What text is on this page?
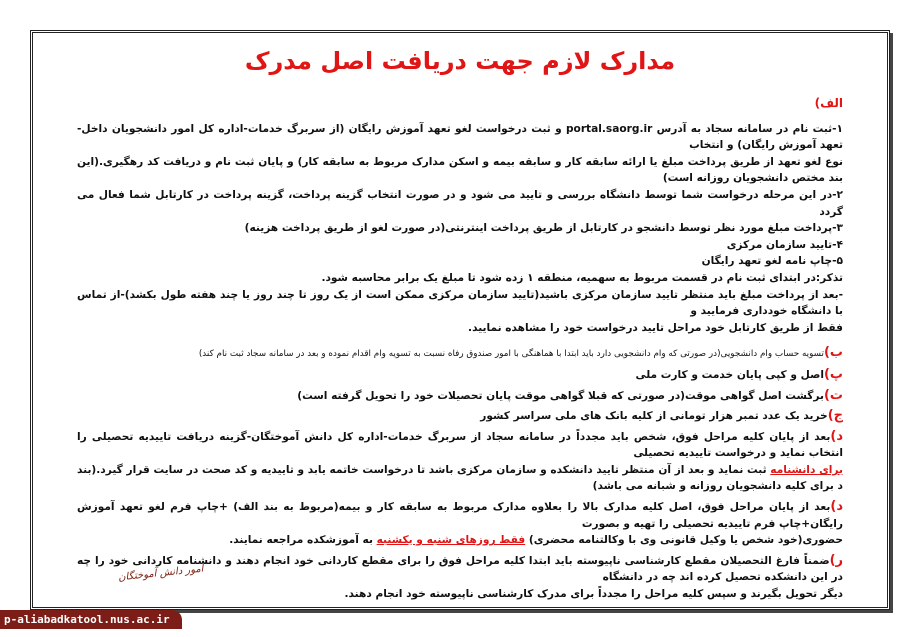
مدارک لازم جهت دریافت اصل مدرک

الف)

۱-ثبت نام در سامانه سجاد به آدرس portal.saorg.ir و ثبت درخواست لغو تعهد آموزش رایگان (از سربرگ خدمات-اداره کل امور دانشجویان داخل-تعهد آموزش رایگان) و انتخاب

نوع لغو تعهد از طریق پرداخت مبلغ یا ارائه سابقه کار و سابقه بیمه و اسکن مدارک مربوط به سابقه کار) و پایان ثبت نام و دریافت کد رهگیری.(این بند مختص دانشجویان روزانه است)

۲-در این مرحله درخواست شما توسط دانشگاه بررسی و تایید می شود و در صورت انتخاب گزینه پرداخت، گزینه پرداخت در کارتابل شما فعال می گردد

۳-پرداخت مبلغ مورد نظر توسط دانشجو در کارتابل از طریق پرداخت اینترنتی(در صورت لغو از طریق پرداخت هزینه)

۴-تایید سازمان مرکزی

۵-چاپ نامه لغو تعهد رایگان

تذکر:در ابتدای ثبت نام در قسمت مربوط به سهمیه، منطقه ۱ زده شود تا مبلغ یک برابر محاسبه شود.

-بعد از پرداخت مبلغ باید منتظر تایید سازمان مرکزی باشید(تایید سازمان مرکزی ممکن است از یک روز تا چند روز یا چند هفته طول بکشد)-از تماس با دانشگاه خودداری فرمایید و

فقط از طریق کارتابل خود مراحل تایید درخواست خود را مشاهده نمایید.

ب)تسویه حساب وام دانشجویی(در صورتی که وام دانشجویی دارد باید ابتدا با هماهنگی با امور صندوق رفاه نسبت به تسویه وام اقدام نموده و بعد در سامانه سجاد ثبت نام کند)

پ)اصل و کپی پایان خدمت و کارت ملی

ت)برگشت اصل گواهی موقت(در صورتی که قبلا گواهی موقت پایان تحصیلات خود را تحویل گرفته است)

ج)خرید یک عدد تمبر هزار تومانی از کلیه بانک های ملی سراسر کشور

د)بعد از پایان کلیه مراحل فوق، شخص باید مجدداً در سامانه سجاد از سربرگ خدمات-اداره کل دانش آموختگان-گزینه دریافت تاییدیه تحصیلی را انتخاب نماید و درخواست تاییدیه تحصیلی

برای دانشنامه ثبت نماید و بعد از آن منتظر تایید دانشکده و سازمان مرکزی باشد تا درخواست خاتمه یابد و تاییدیه و کد صحت در سایت قرار گیرد.(بند د برای کلیه دانشجویان روزانه و شبانه می باشد)

د)بعد از پایان مراحل فوق، اصل کلیه مدارک بالا را بعلاوه مدارک مربوط به سابقه کار و بیمه(مربوط به بند الف) +چاپ فرم لغو تعهد آموزش رایگان+چاپ فرم تاییدیه تحصیلی را تهیه و بصورت

حضوری(خود شخص یا وکیل قانونی وی با وکالتنامه محضری) فقط روزهای شنبه و یکشنبه به آموزشکده مراجعه نمایند.

ر)ضمناً فارغ التحصیلان مقطع کارشناسی ناپیوسته باید ابتدا کلیه مراحل فوق را برای مقطع کاردانی خود انجام دهند و دانشنامه کاردانی خود را چه در این دانشکده تحصیل کرده اند چه در دانشگاه

دیگر تحویل بگیرند و سپس کلیه مراحل را مجدداً برای مدرک کارشناسی ناپیوسته خود انجام دهند.

امور دانش آموختگان
p-aliabadkatool.nus.ac.ir
